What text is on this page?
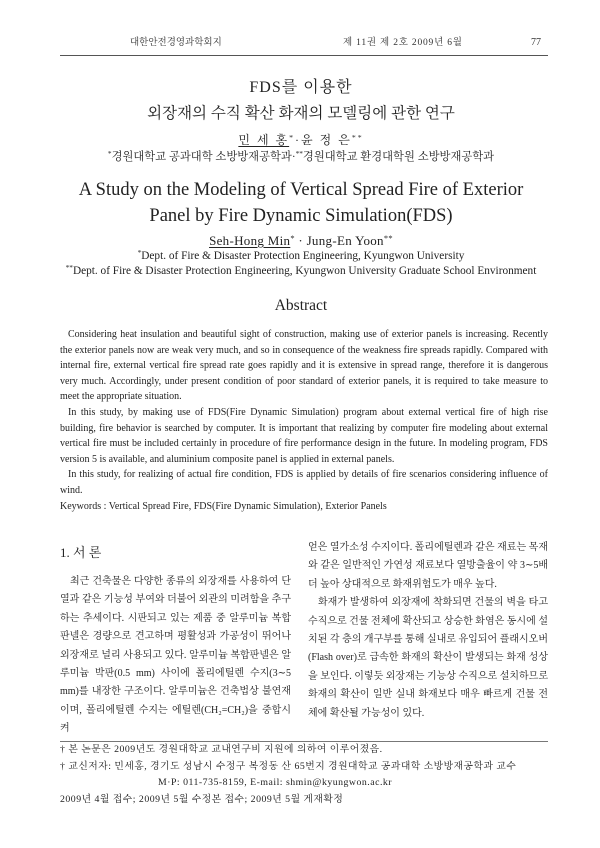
대한안전경영과학회지	제 11권 제 2호 2009년 6월	77
FDS를 이용한
외장재의 수직 확산 화재의 모델링에 관한 연구
민 세 홍*·윤 정 은**
*경원대학교 공과대학 소방방재공학과·**경원대학교 환경대학원 소방방재공학과
A Study on the Modeling of Vertical Spread Fire of Exterior
Panel by Fire Dynamic Simulation(FDS)
Seh-Hong Min* · Jung-En Yoon**
*Dept. of Fire & Disaster Protection Engineering, Kyungwon University
**Dept. of Fire & Disaster Protection Engineering, Kyungwon University Graduate School Environment
Abstract

Considering heat insulation and beautiful sight of construction, making use of exterior panels is increasing. Recently the exterior panels now are weak very much, and so in consequence of the weakness fire spreads rapidly. Compared with internal fire, external vertical fire spread rate goes rapidly and it is extensive in spread range, therefore it is dangerous very much. Accordingly, under present condition of poor standard of exterior panels, it is required to take measure to meet the appropriate situation.

In this study, by making use of FDS(Fire Dynamic Simulation) program about external vertical fire of high rise building, fire behavior is searched by computer. It is important that realizing by computer fire modeling about external vertical fire must be included certainly in procedure of fire performance design in the future. In modeling program, FDS version 5 is available, and aluminium composite panel is applied in external panels.

In this study, for realizing of actual fire condition, FDS is applied by details of fire scenarios considering influence of wind.

Keywords : Vertical Spread Fire, FDS(Fire Dynamic Simulation), Exterior Panels

1. 서 론

최근 건축물은 다양한 종류의 외장재를 사용하여 단열과 같은 기능성 부여와 더불어 외관의 미려함을 추구하는 추세이다. 시판되고 있는 제품 중 알루미늄 복합판넬은 경량으로 견고하며 평활성과 가공성이 뛰어나 외장재로 널리 사용되고 있다. 알루미늄 복합판넬은 알루미늄 박판(0.5 mm) 사이에 폴리에틸렌 수지(3∼5 mm)를 내장한 구조이다. 알루미늄은 건축법상 불연재이며, 폴리에틸렌 수지는 에틸렌(CH₂=CH₂)을 중합시켜

얻은 열가소성 수지이다. 폴리에틸렌과 같은 재료는 목재와 같은 일반적인 가연성 재료보다 열방출율이 약 3∼5배 더 높아 상대적으로 화재위험도가 매우 높다.

화재가 발생하여 외장재에 착화되면 건물의 벽을 타고 수직으로 건물 전체에 확산되고 상승한 화염은 동시에 설치된 각 층의 개구부를 통해 실내로 유입되어 플래시오버(Flash over)로 급속한 화재의 확산이 발생되는 화재 성상을 보인다. 이렇듯 외장재는 기능상 수직으로 설치하므로 화재의 확산이 일반 실내 화재보다 매우 빠르게 건물 전체에 확산될 가능성이 있다.

† 본 논문은 2009년도 경원대학교 교내연구비 지원에 의하여 이루어졌음.
† 교신저자: 민세홍, 경기도 성남시 수정구 복정동 산 65번지 경원대학교 공과대학 소방방재공학과 교수
M·P: 011-735-8159, E-mail: shmin@kyungwon.ac.kr
2009년 4월 접수; 2009년 5월 수정본 접수; 2009년 5월 게재확정
